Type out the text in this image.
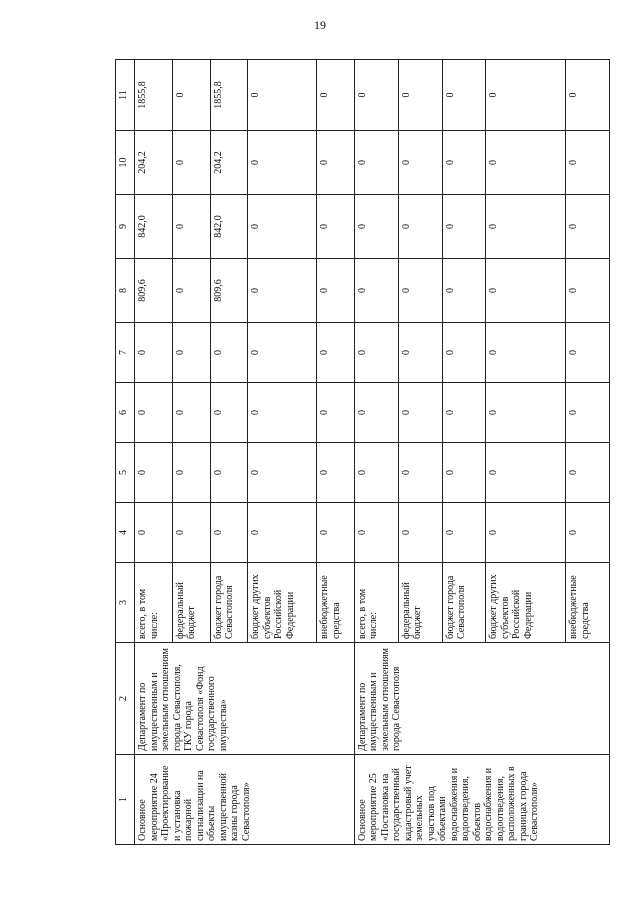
19
1	2	3	4	5	6	7	8	9	10	11
Основное мероприятие 24 «Проектирование и установка пожарной сигнализации на объекты имущественной казны города Севастополя»	Департамент по имущественным и земельным отношениям города Севастополя, ГКУ города Севастополя «Фонд государственного имущества»	всего, в том числе:	0	0	0	0	809,6	842,0	204,2	1855,8
		федеральный бюджет	0	0	0	0	0	0	0	0
		бюджет города Севастополя	0	0	0	0	809,6	842,0	204,2	1855,8
		бюджет других субъектов Российской Федерации	0	0	0	0	0	0	0	0
		внебюджетные средства	0	0	0	0	0	0	0	0
Основное мероприятие 25 «Постановка на государственный кадастровый учет земельных участков под объектами водоснабжения и водоотведения, объектов водоснабжения и водоотведения, расположенных в границах города Севастополя»	Департамент по имущественным и земельным отношениям города Севастополя	всего, в том числе:	0	0	0	0	0	0	0	0
		федеральный бюджет	0	0	0	0	0	0	0	0
		бюджет города Севастополя	0	0	0	0	0	0	0	0
		бюджет других субъектов Российской Федерации	0	0	0	0	0	0	0	0
		внебюджетные средства	0	0	0	0	0	0	0	0
